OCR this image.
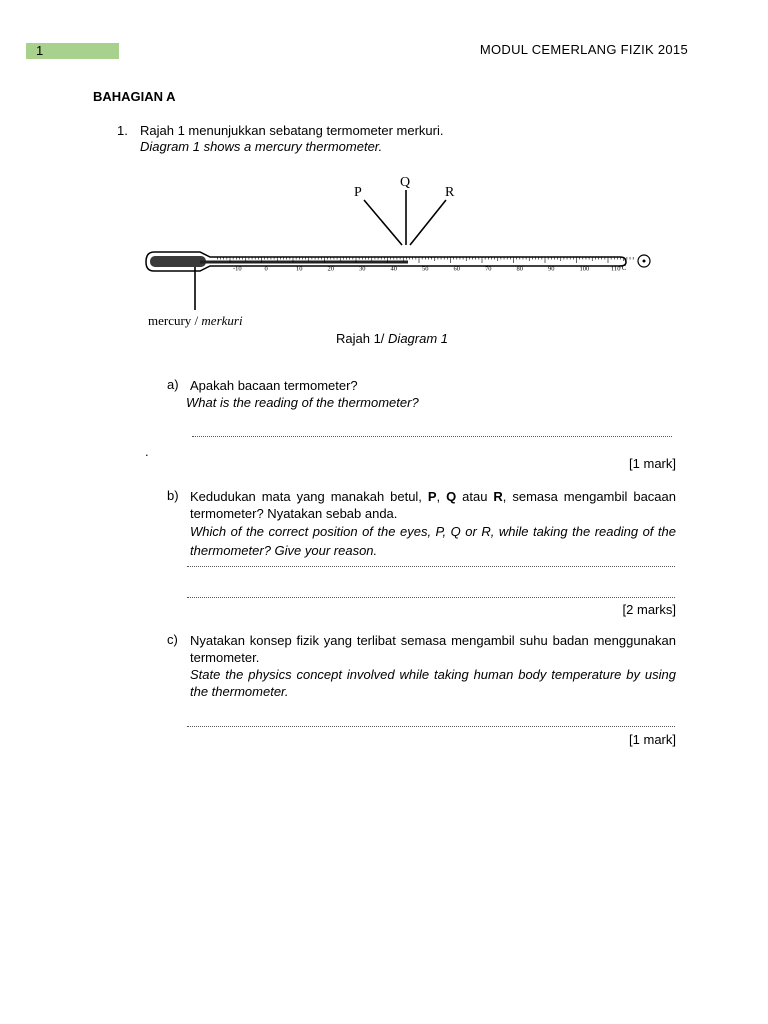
1	MODUL CEMERLANG FIZIK 2015
BAHAGIAN A
1. Rajah 1 menunjukkan sebatang termometer merkuri.
Diagram 1 shows a mercury thermometer.
P
Q
R
-10	0	10	20	30	40	50	60	70	80	90	100	110
°C
mercury / merkuri
Rajah 1/ Diagram 1
a) Apakah bacaan termometer?
What is the reading of the thermometer?
.
[1 mark]
b) Kedudukan mata yang manakah betul, P, Q atau R, semasa mengambil bacaan termometer? Nyatakan sebab anda.
Which of the correct position of the eyes, P, Q or R, while taking the reading of the thermometer? Give your reason.
[2 marks]
c) Nyatakan konsep fizik yang terlibat semasa mengambil suhu badan menggunakan termometer.
State the physics concept involved while taking human body temperature by using the thermometer.
[1 mark]
